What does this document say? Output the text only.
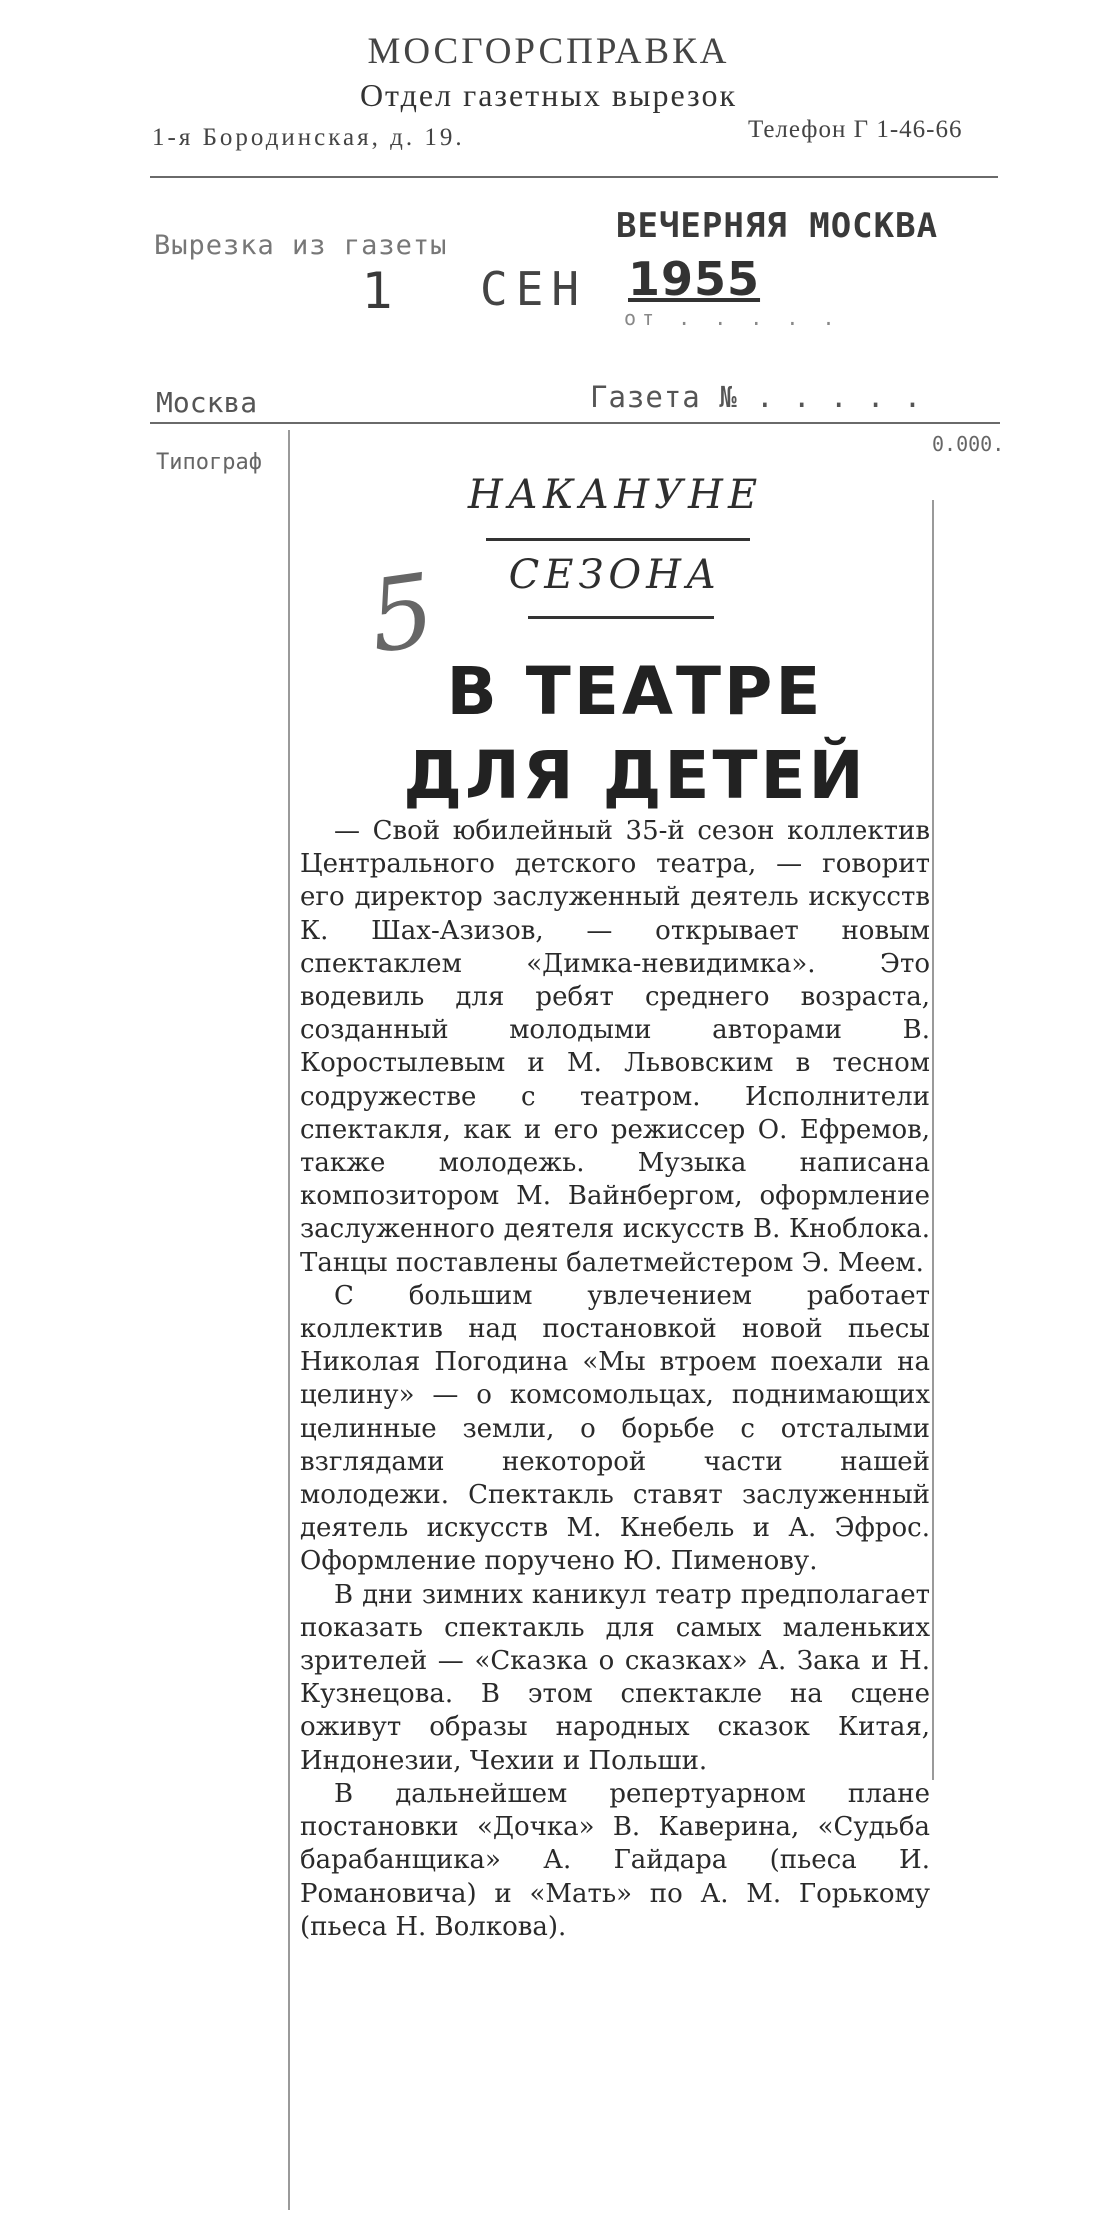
МОСГОРСПРАВКА
Отдел газетных вырезок
1-я Бородинская, д. 19.	Телефон Г 1-46-66
Вырезка из газеты	ВЕЧЕРНЯЯ МОСКВА
1 СЕН 1955
от . . . . .
Москва	Газета № . . . . .
Типограф
0.000.
5
НАКАНУНЕ
СЕЗОНА
В ТЕАТРЕ
ДЛЯ ДЕТЕЙ

— Свой юбилейный 35-й сезон коллектив Центрального детского театра, — говорит его директор заслуженный деятель искусств К. Шах-Азизов, — открывает новым спектаклем «Димка-невидимка». Это водевиль для ребят среднего возраста, созданный молодыми авторами В. Коростылевым и М. Львовским в тесном содружестве с театром. Исполнители спектакля, как и его режиссер О. Ефремов, также молодежь. Музыка написана композитором М. Вайнбергом, оформление заслуженного деятеля искусств В. Кноблока. Танцы поставлены балетмейстером Э. Меем.

С большим увлечением работает коллектив над постановкой новой пьесы Николая Погодина «Мы втроем поехали на целину» — о комсомольцах, поднимающих целинные земли, о борьбе с отсталыми взглядами некоторой части нашей молодежи. Спектакль ставят заслуженный деятель искусств М. Кнебель и А. Эфрос. Оформление поручено Ю. Пименову.

В дни зимних каникул театр предполагает показать спектакль для самых маленьких зрителей — «Сказка о сказках» А. Зака и Н. Кузнецова. В этом спектакле на сцене оживут образы народных сказок Китая, Индонезии, Чехии и Польши.

В дальнейшем репертуарном плане постановки «Дочка» В. Каверина, «Судьба барабанщика» А. Гайдара (пьеса И. Романовича) и «Мать» по А. М. Горькому (пьеса Н. Волкова).
